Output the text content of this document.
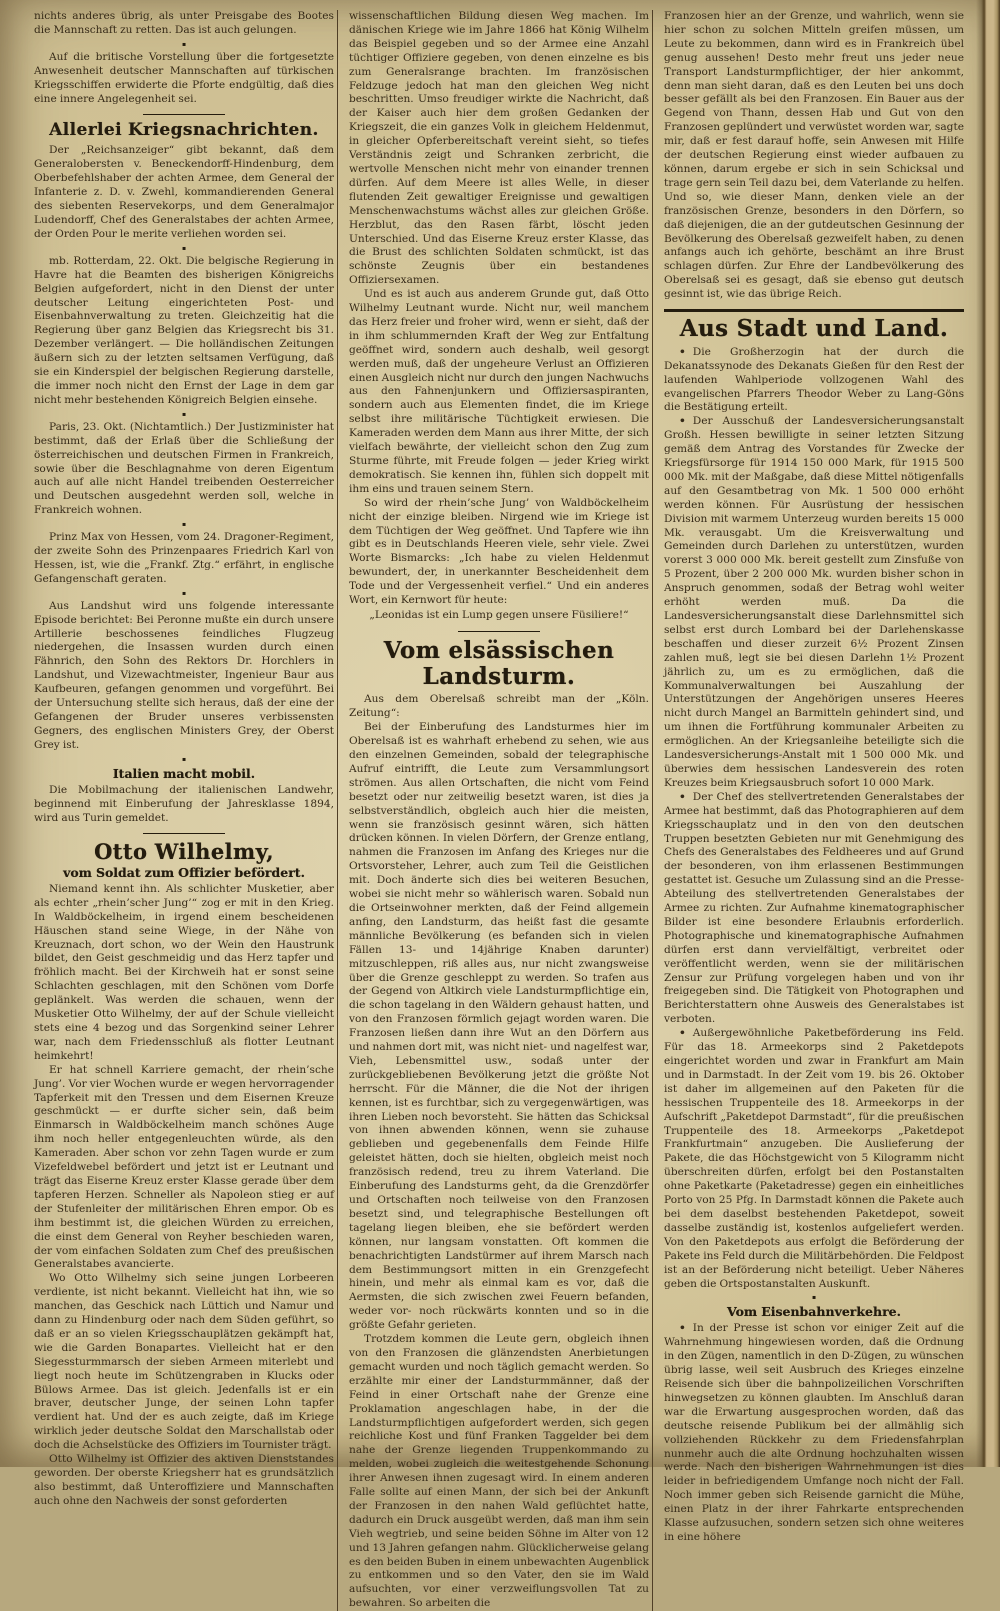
nichts anderes übrig, als unter Preisgabe des Bootes die Mannschaft zu retten. Das ist auch gelungen.

▪

Auf die britische Vorstellung über die fortgesetzte Anwesenheit deutscher Mannschaften auf türkischen Kriegsschiffen erwiderte die Pforte endgültig, daß dies eine innere Angelegenheit sei.

Allerlei Kriegsnachrichten.

Der „Reichsanzeiger“ gibt bekannt, daß dem Generalobersten v. Beneckendorff-Hindenburg, dem Oberbefehlshaber der achten Armee, dem General der Infanterie z. D. v. Zwehl, kommandierenden General des siebenten Reservekorps, und dem Generalmajor Ludendorff, Chef des Generalstabes der achten Armee, der Orden Pour le merite verliehen worden sei.

▪

mb. Rotterdam, 22. Okt. Die belgische Regierung in Havre hat die Beamten des bisherigen Königreichs Belgien aufgefordert, nicht in den Dienst der unter deutscher Leitung eingerichteten Post- und Eisenbahnverwaltung zu treten. Gleichzeitig hat die Regierung über ganz Belgien das Kriegsrecht bis 31. Dezember verlängert. — Die holländischen Zeitungen äußern sich zu der letzten seltsamen Verfügung, daß sie ein Kinderspiel der belgischen Regierung darstelle, die immer noch nicht den Ernst der Lage in dem gar nicht mehr bestehenden Königreich Belgien einsehe.

▪

Paris, 23. Okt. (Nichtamtlich.) Der Justizminister hat bestimmt, daß der Erlaß über die Schließung der österreichischen und deutschen Firmen in Frankreich, sowie über die Beschlagnahme von deren Eigentum auch auf alle nicht Handel treibenden Oesterreicher und Deutschen ausgedehnt werden soll, welche in Frankreich wohnen.

▪

Prinz Max von Hessen, vom 24. Dragoner-Regiment, der zweite Sohn des Prinzenpaares Friedrich Karl von Hessen, ist, wie die „Frankf. Ztg.“ erfährt, in englische Gefangenschaft geraten.

▪

Aus Landshut wird uns folgende interessante Episode berichtet: Bei Peronne mußte ein durch unsere Artillerie beschossenes feindliches Flugzeug niedergehen, die Insassen wurden durch einen Fähnrich, den Sohn des Rektors Dr. Horchlers in Landshut, und Vizewachtmeister, Ingenieur Baur aus Kaufbeuren, gefangen genommen und vorgeführt. Bei der Untersuchung stellte sich heraus, daß der eine der Gefangenen der Bruder unseres verbissensten Gegners, des englischen Ministers Grey, der Oberst Grey ist.

▪
Italien macht mobil.

Die Mobilmachung der italienischen Landwehr, beginnend mit Einberufung der Jahresklasse 1894, wird aus Turin gemeldet.

Otto Wilhelmy,
vom Soldat zum Offizier befördert.

Niemand kennt ihn. Als schlichter Musketier, aber als echter „rhein’scher Jung’“ zog er mit in den Krieg. In Waldböckelheim, in irgend einem bescheidenen Häuschen stand seine Wiege, in der Nähe von Kreuznach, dort schon, wo der Wein den Haustrunk bildet, den Geist geschmeidig und das Herz tapfer und fröhlich macht. Bei der Kirchweih hat er sonst seine Schlachten geschlagen, mit den Schönen vom Dorfe geplänkelt. Was werden die schauen, wenn der Musketier Otto Wilhelmy, der auf der Schule vielleicht stets eine 4 bezog und das Sorgenkind seiner Lehrer war, nach dem Friedensschluß als flotter Leutnant heimkehrt!

Er hat schnell Karriere gemacht, der rhein’sche Jung’. Vor vier Wochen wurde er wegen hervorragender Tapferkeit mit den Tressen und dem Eisernen Kreuze geschmückt — er durfte sicher sein, daß beim Einmarsch in Waldböckelheim manch schönes Auge ihm noch heller entgegenleuchten würde, als den Kameraden. Aber schon vor zehn Tagen wurde er zum Vizefeldwebel befördert und jetzt ist er Leutnant und trägt das Eiserne Kreuz erster Klasse gerade über dem tapferen Herzen. Schneller als Napoleon stieg er auf der Stufenleiter der militärischen Ehren empor. Ob es ihm bestimmt ist, die gleichen Würden zu erreichen, die einst dem General von Reyher beschieden waren, der vom einfachen Soldaten zum Chef des preußischen Generalstabes avancierte.

Wo Otto Wilhelmy sich seine jungen Lorbeeren verdiente, ist nicht bekannt. Vielleicht hat ihn, wie so manchen, das Geschick nach Lüttich und Namur und dann zu Hindenburg oder nach dem Süden geführt, so daß er an so vielen Kriegsschauplätzen gekämpft hat, wie die Garden Bonapartes. Vielleicht hat er den Siegessturmmarsch der sieben Armeen miterlebt und liegt noch heute im Schützengraben in Klucks oder Bülows Armee. Das ist gleich. Jedenfalls ist er ein braver, deutscher Junge, der seinen Lohn tapfer verdient hat. Und der es auch zeigte, daß im Kriege wirklich jeder deutsche Soldat den Marschallstab oder doch die Achselstücke des Offiziers im Tournister trägt.

Otto Wilhelmy ist Offizier des aktiven Dienststandes geworden. Der oberste Kriegsherr hat es grundsätzlich also bestimmt, daß Unteroffiziere und Mannschaften auch ohne den Nachweis der sonst geforderten

wissenschaftlichen Bildung diesen Weg machen. Im dänischen Kriege wie im Jahre 1866 hat König Wilhelm das Beispiel gegeben und so der Armee eine Anzahl tüchtiger Offiziere gegeben, von denen einzelne es bis zum Generalsrange brachten. Im französischen Feldzuge jedoch hat man den gleichen Weg nicht beschritten. Umso freudiger wirkte die Nachricht, daß der Kaiser auch hier dem großen Gedanken der Kriegszeit, die ein ganzes Volk in gleichem Heldenmut, in gleicher Opferbereitschaft vereint sieht, so tiefes Verständnis zeigt und Schranken zerbricht, die wertvolle Menschen nicht mehr von einander trennen dürfen. Auf dem Meere ist alles Welle, in dieser flutenden Zeit gewaltiger Ereignisse und gewaltigen Menschenwachstums wächst alles zur gleichen Größe. Herzblut, das den Rasen färbt, löscht jeden Unterschied. Und das Eiserne Kreuz erster Klasse, das die Brust des schlichten Soldaten schmückt, ist das schönste Zeugnis über ein bestandenes Offiziersexamen.

Und es ist auch aus anderem Grunde gut, daß Otto Wilhelmy Leutnant wurde. Nicht nur, weil manchem das Herz freier und froher wird, wenn er sieht, daß der in ihm schlummernden Kraft der Weg zur Entfaltung geöffnet wird, sondern auch deshalb, weil gesorgt werden muß, daß der ungeheure Verlust an Offizieren einen Ausgleich nicht nur durch den jungen Nachwuchs aus den Fahnenjunkern und Offiziersaspiranten, sondern auch aus Elementen findet, die im Kriege selbst ihre militärische Tüchtigkeit erwiesen. Die Kameraden werden dem Mann aus ihrer Mitte, der sich vielfach bewährte, der vielleicht schon den Zug zum Sturme führte, mit Freude folgen — jeder Krieg wirkt demokratisch. Sie kennen ihn, fühlen sich doppelt mit ihm eins und trauen seinem Stern.

So wird der rhein’sche Jung’ von Waldböckelheim nicht der einzige bleiben. Nirgend wie im Kriege ist dem Tüchtigen der Weg geöffnet. Und Tapfere wie ihn gibt es in Deutschlands Heeren viele, sehr viele. Zwei Worte Bismarcks: „Ich habe zu vielen Heldenmut bewundert, der, in unerkannter Bescheidenheit dem Tode und der Vergessenheit verfiel.“ Und ein anderes Wort, ein Kernwort für heute:

„Leonidas ist ein Lump gegen unsere Füsiliere!“

Vom elsässischen Landsturm.

Aus dem Oberelsaß schreibt man der „Köln. Zeitung“:

Bei der Einberufung des Landsturmes hier im Oberelsaß ist es wahrhaft erhebend zu sehen, wie aus den einzelnen Gemeinden, sobald der telegraphische Aufruf eintrifft, die Leute zum Versammlungsort strömen. Aus allen Ortschaften, die nicht vom Feind besetzt oder nur zeitweilig besetzt waren, ist dies ja selbstverständlich, obgleich auch hier die meisten, wenn sie französisch gesinnt wären, sich hätten drücken können. In vielen Dörfern, der Grenze entlang, nahmen die Franzosen im Anfang des Krieges nur die Ortsvorsteher, Lehrer, auch zum Teil die Geistlichen mit. Doch änderte sich dies bei weiteren Besuchen, wobei sie nicht mehr so wählerisch waren. Sobald nun die Ortseinwohner merkten, daß der Feind allgemein anfing, den Landsturm, das heißt fast die gesamte männliche Bevölkerung (es befanden sich in vielen Fällen 13- und 14jährige Knaben darunter) mitzuschleppen, riß alles aus, nur nicht zwangsweise über die Grenze geschleppt zu werden. So trafen aus der Gegend von Altkirch viele Landsturmpflichtige ein, die schon tagelang in den Wäldern gehaust hatten, und von den Franzosen förmlich gejagt worden waren. Die Franzosen ließen dann ihre Wut an den Dörfern aus und nahmen dort mit, was nicht niet- und nagelfest war, Vieh, Lebensmittel usw., sodaß unter der zurückgebliebenen Bevölkerung jetzt die größte Not herrscht. Für die Männer, die die Not der ihrigen kennen, ist es furchtbar, sich zu vergegenwärtigen, was ihren Lieben noch bevorsteht. Sie hätten das Schicksal von ihnen abwenden können, wenn sie zuhause geblieben und gegebenenfalls dem Feinde Hilfe geleistet hätten, doch sie hielten, obgleich meist noch französisch redend, treu zu ihrem Vaterland. Die Einberufung des Landsturms geht, da die Grenzdörfer und Ortschaften noch teilweise von den Franzosen besetzt sind, und telegraphische Bestellungen oft tagelang liegen bleiben, ehe sie befördert werden können, nur langsam vonstatten. Oft kommen die benachrichtigten Landstürmer auf ihrem Marsch nach dem Bestimmungsort mitten in ein Grenzgefecht hinein, und mehr als einmal kam es vor, daß die Aermsten, die sich zwischen zwei Feuern befanden, weder vor- noch rückwärts konnten und so in die größte Gefahr gerieten.

Trotzdem kommen die Leute gern, obgleich ihnen von den Franzosen die glänzendsten Anerbietungen gemacht wurden und noch täglich gemacht werden. So erzählte mir einer der Landsturmmänner, daß der Feind in einer Ortschaft nahe der Grenze eine Proklamation angeschlagen habe, in der die Landsturmpflichtigen aufgefordert werden, sich gegen reichliche Kost und fünf Franken Taggelder bei dem nahe der Grenze liegenden Truppenkommando zu melden, wobei zugleich die weitestgehende Schonung ihrer Anwesen ihnen zugesagt wird. In einem anderen Falle sollte auf einen Mann, der sich bei der Ankunft der Franzosen in den nahen Wald geflüchtet hatte, dadurch ein Druck ausgeübt werden, daß man ihm sein Vieh wegtrieb, und seine beiden Söhne im Alter von 12 und 13 Jahren gefangen nahm. Glücklicherweise gelang es den beiden Buben in einem unbewachten Augenblick zu entkommen und so den Vater, den sie im Wald aufsuchten, vor einer verzweiflungsvollen Tat zu bewahren. So arbeiten die

Franzosen hier an der Grenze, und wahrlich, wenn sie hier schon zu solchen Mitteln greifen müssen, um Leute zu bekommen, dann wird es in Frankreich übel genug aussehen! Desto mehr freut uns jeder neue Transport Landsturmpflichtiger, der hier ankommt, denn man sieht daran, daß es den Leuten bei uns doch besser gefällt als bei den Franzosen. Ein Bauer aus der Gegend von Thann, dessen Hab und Gut von den Franzosen geplündert und verwüstet worden war, sagte mir, daß er fest darauf hoffe, sein Anwesen mit Hilfe der deutschen Regierung einst wieder aufbauen zu können, darum ergebe er sich in sein Schicksal und trage gern sein Teil dazu bei, dem Vaterlande zu helfen. Und so, wie dieser Mann, denken viele an der französischen Grenze, besonders in den Dörfern, so daß diejenigen, die an der gutdeutschen Gesinnung der Bevölkerung des Oberelsaß gezweifelt haben, zu denen anfangs auch ich gehörte, beschämt an ihre Brust schlagen dürfen. Zur Ehre der Landbevölkerung des Oberelsaß sei es gesagt, daß sie ebenso gut deutsch gesinnt ist, wie das übrige Reich.

Aus Stadt und Land.

• Die Großherzogin hat der durch die Dekanatssynode des Dekanats Gießen für den Rest der laufenden Wahlperiode vollzogenen Wahl des evangelischen Pfarrers Theodor Weber zu Lang-Göns die Bestätigung erteilt.

• Der Ausschuß der Landesversicherungsanstalt Großh. Hessen bewilligte in seiner letzten Sitzung gemäß dem Antrag des Vorstandes für Zwecke der Kriegsfürsorge für 1914 150 000 Mark, für 1915 500 000 Mk. mit der Maßgabe, daß diese Mittel nötigenfalls auf den Gesamtbetrag von Mk. 1 500 000 erhöht werden können. Für Ausrüstung der hessischen Division mit warmem Unterzeug wurden bereits 15 000 Mk. verausgabt. Um die Kreisverwaltung und Gemeinden durch Darlehen zu unterstützen, wurden vorerst 3 000 000 Mk. bereit gestellt zum Zinsfuße von 5 Prozent, über 2 200 000 Mk. wurden bisher schon in Anspruch genommen, sodaß der Betrag wohl weiter erhöht werden muß. Da die Landesversicherungsanstalt diese Darlehnsmittel sich selbst erst durch Lombard bei der Darlehenskasse beschaffen und dieser zurzeit 6½ Prozent Zinsen zahlen muß, legt sie bei diesen Darlehn 1½ Prozent jährlich zu, um es zu ermöglichen, daß die Kommunalverwaltungen bei Auszahlung der Unterstützungen der Angehörigen unseres Heeres nicht durch Mangel an Barmitteln gehindert sind, und um ihnen die Fortführung kommunaler Arbeiten zu ermöglichen. An der Kriegsanleihe beteiligte sich die Landesversicherungs-Anstalt mit 1 500 000 Mk. und überwies dem hessischen Landesverein des roten Kreuzes beim Kriegsausbruch sofort 10 000 Mark.

• Der Chef des stellvertretenden Generalstabes der Armee hat bestimmt, daß das Photographieren auf dem Kriegsschauplatz und in den von den deutschen Truppen besetzten Gebieten nur mit Genehmigung des Chefs des Generalstabes des Feldheeres und auf Grund der besonderen, von ihm erlassenen Bestimmungen gestattet ist. Gesuche um Zulassung sind an die Presse-Abteilung des stellvertretenden Generalstabes der Armee zu richten. Zur Aufnahme kinematographischer Bilder ist eine besondere Erlaubnis erforderlich. Photographische und kinematographische Aufnahmen dürfen erst dann vervielfältigt, verbreitet oder veröffentlicht werden, wenn sie der militärischen Zensur zur Prüfung vorgelegen haben und von ihr freigegeben sind. Die Tätigkeit von Photographen und Berichterstattern ohne Ausweis des Generalstabes ist verboten.

• Außergewöhnliche Paketbeförderung ins Feld. Für das 18. Armeekorps sind 2 Paketdepots eingerichtet worden und zwar in Frankfurt am Main und in Darmstadt. In der Zeit vom 19. bis 26. Oktober ist daher im allgemeinen auf den Paketen für die hessischen Truppenteile des 18. Armeekorps in der Aufschrift „Paketdepot Darmstadt“, für die preußischen Truppenteile des 18. Armeekorps „Paketdepot Frankfurtmain“ anzugeben. Die Auslieferung der Pakete, die das Höchstgewicht von 5 Kilogramm nicht überschreiten dürfen, erfolgt bei den Postanstalten ohne Paketkarte (Paketadresse) gegen ein einheitliches Porto von 25 Pfg. In Darmstadt können die Pakete auch bei dem daselbst bestehenden Paketdepot, soweit dasselbe zuständig ist, kostenlos aufgeliefert werden. Von den Paketdepots aus erfolgt die Beförderung der Pakete ins Feld durch die Militärbehörden. Die Feldpost ist an der Beförderung nicht beteiligt. Ueber Näheres geben die Ortspostanstalten Auskunft.

▪
Vom Eisenbahnverkehre.

• In der Presse ist schon vor einiger Zeit auf die Wahrnehmung hingewiesen worden, daß die Ordnung in den Zügen, namentlich in den D-Zügen, zu wünschen übrig lasse, weil seit Ausbruch des Krieges einzelne Reisende sich über die bahnpolizeilichen Vorschriften hinwegsetzen zu können glaubten. Im Anschluß daran war die Erwartung ausgesprochen worden, daß das deutsche reisende Publikum bei der allmählig sich vollziehenden Rückkehr zu dem Friedensfahrplan nunmehr auch die alte Ordnung hochzuhalten wissen werde. Nach den bisherigen Wahrnehmungen ist dies leider in befriedigendem Umfange noch nicht der Fall. Noch immer geben sich Reisende garnicht die Mühe, einen Platz in der ihrer Fahrkarte entsprechenden Klasse aufzusuchen, sondern setzen sich ohne weiteres in eine höhere
